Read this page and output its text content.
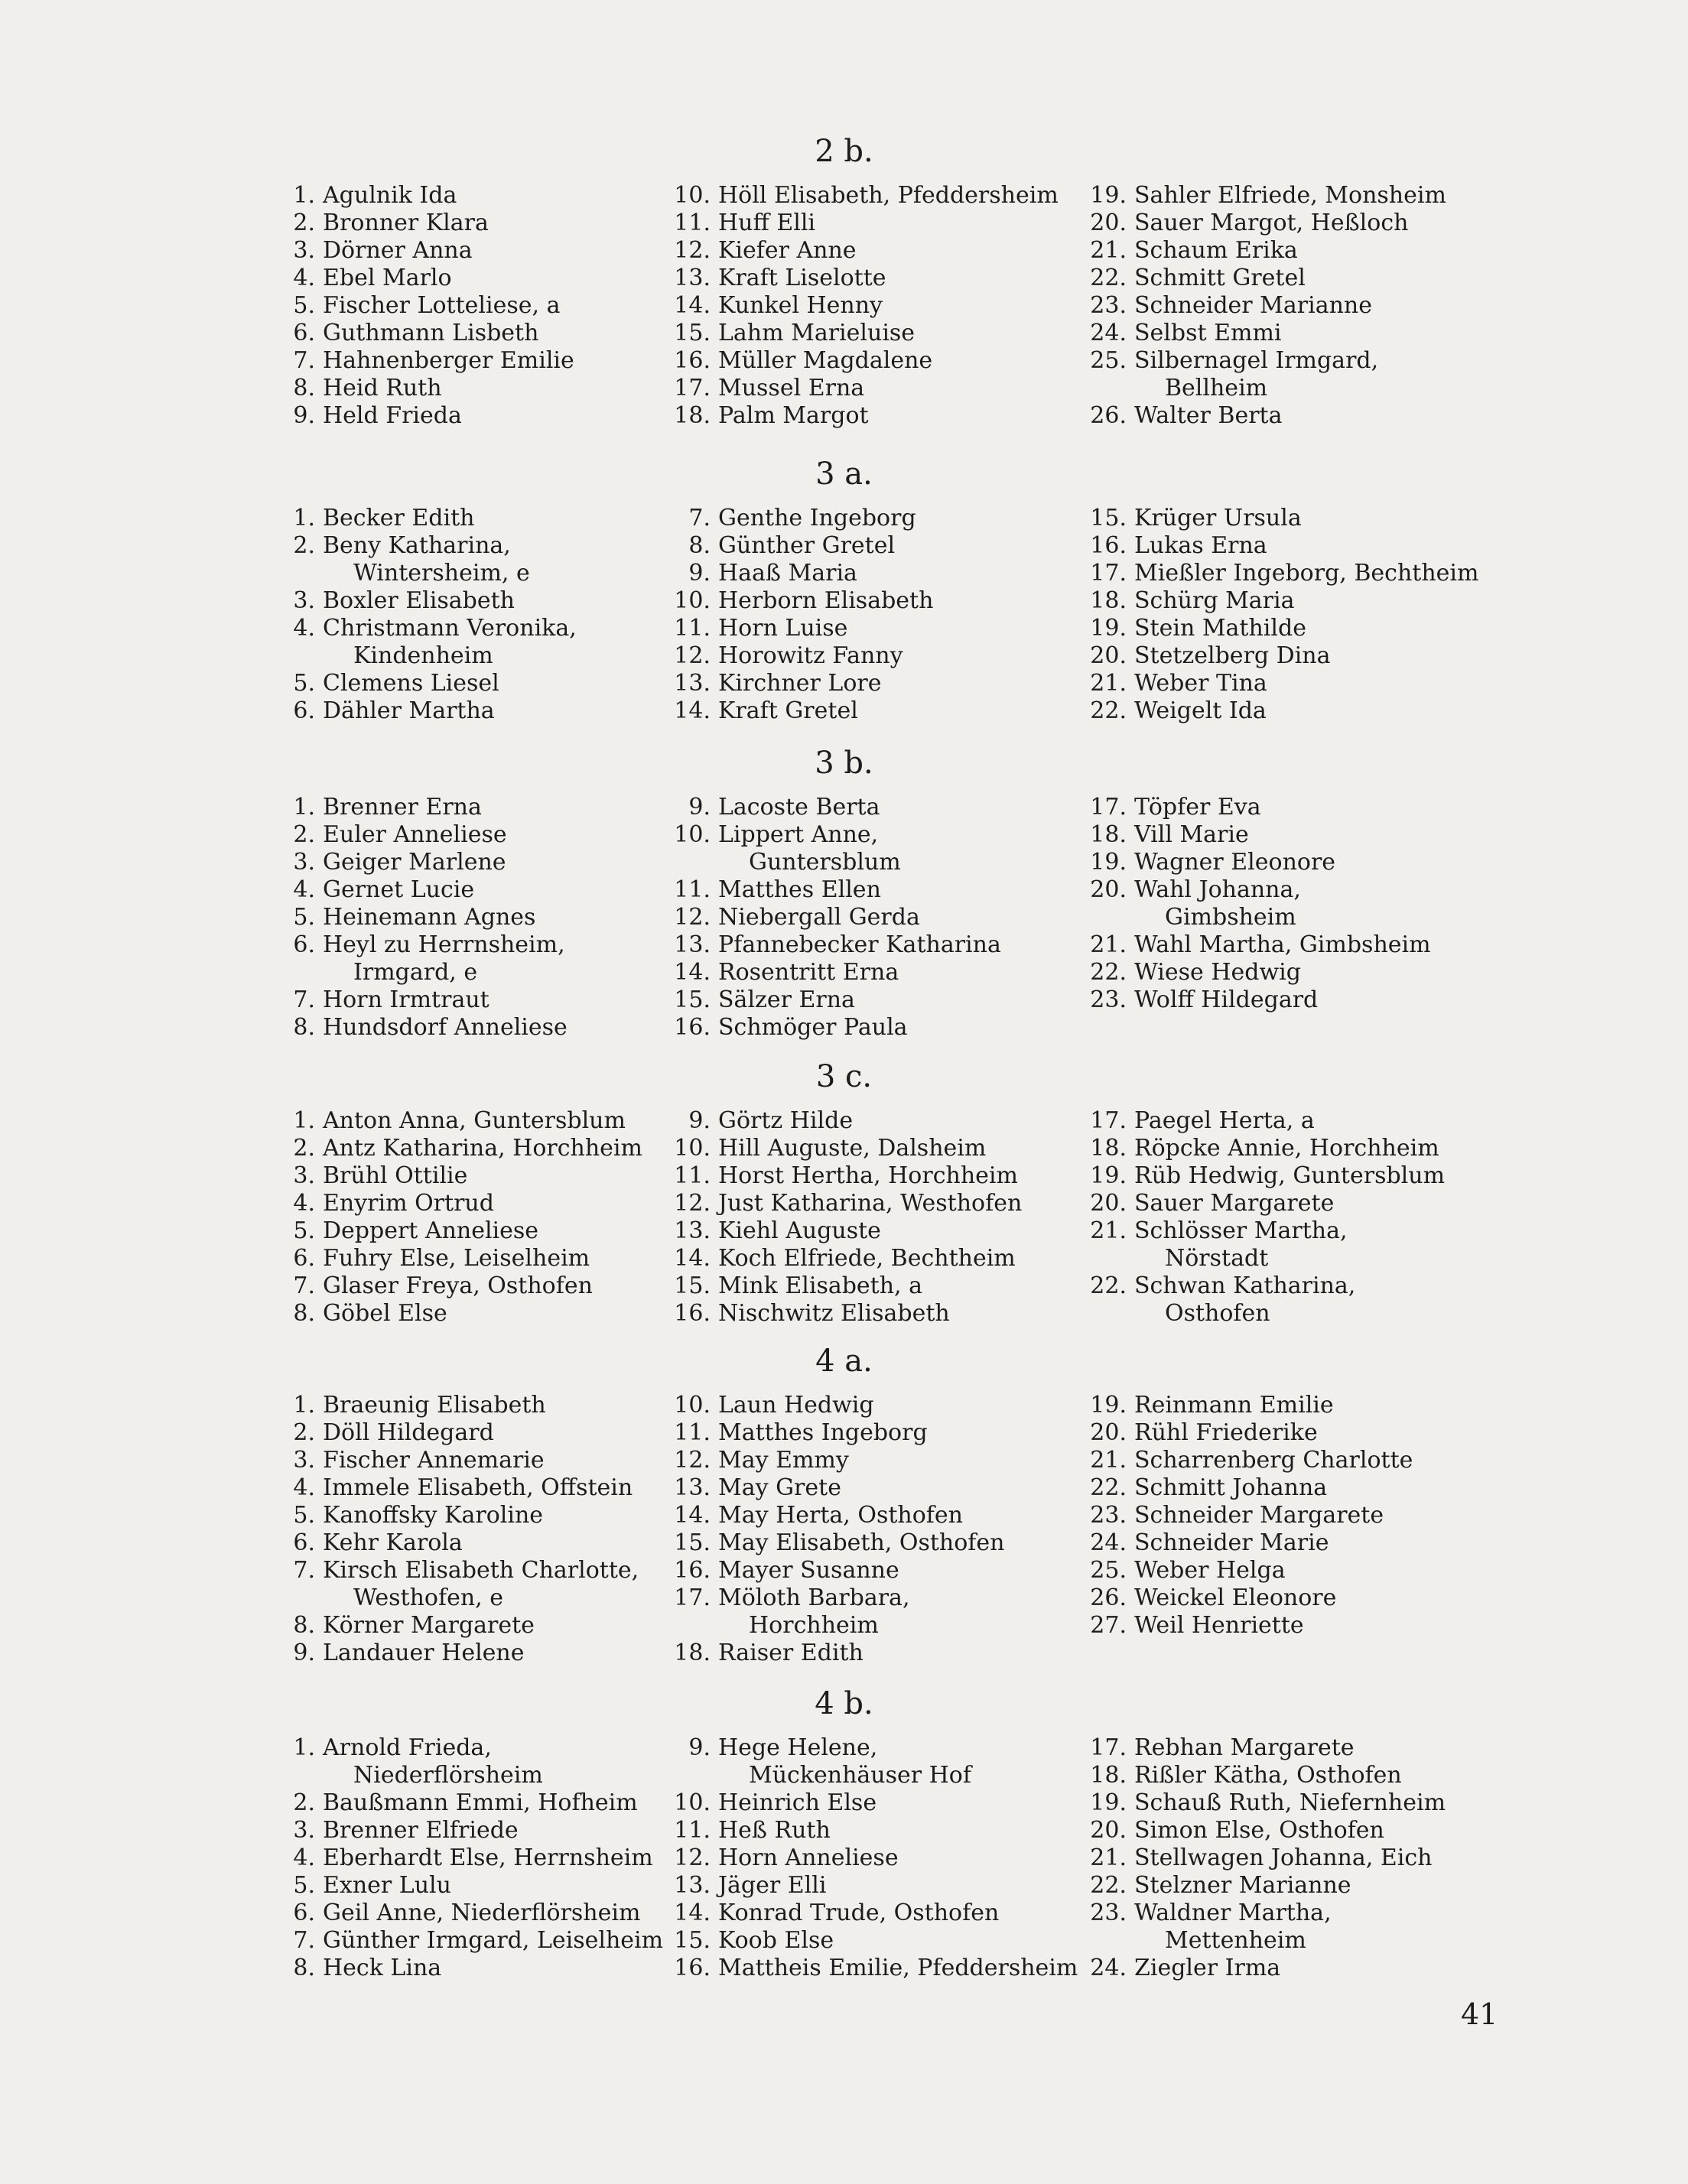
2 b.
1. Agulnik Ida
2. Bronner Klara
3. Dörner Anna
4. Ebel Marlo
5. Fischer Lotteliese, a
6. Guthmann Lisbeth
7. Hahnenberger Emilie
8. Heid Ruth
9. Held Frieda
10. Höll Elisabeth, Pfeddersheim
11. Huff Elli
12. Kiefer Anne
13. Kraft Liselotte
14. Kunkel Henny
15. Lahm Marieluise
16. Müller Magdalene
17. Mussel Erna
18. Palm Margot
19. Sahler Elfriede, Monsheim
20. Sauer Margot, Heßloch
21. Schaum Erika
22. Schmitt Gretel
23. Schneider Marianne
24. Selbst Emmi
25. Silbernagel Irmgard,
Bellheim
26. Walter Berta
3 a.
1. Becker Edith
2. Beny Katharina,
Wintersheim, e
3. Boxler Elisabeth
4. Christmann Veronika,
Kindenheim
5. Clemens Liesel
6. Dähler Martha
7. Genthe Ingeborg
8. Günther Gretel
9. Haaß Maria
10. Herborn Elisabeth
11. Horn Luise
12. Horowitz Fanny
13. Kirchner Lore
14. Kraft Gretel
15. Krüger Ursula
16. Lukas Erna
17. Mießler Ingeborg, Bechtheim
18. Schürg Maria
19. Stein Mathilde
20. Stetzelberg Dina
21. Weber Tina
22. Weigelt Ida
3 b.
1. Brenner Erna
2. Euler Anneliese
3. Geiger Marlene
4. Gernet Lucie
5. Heinemann Agnes
6. Heyl zu Herrnsheim,
Irmgard, e
7. Horn Irmtraut
8. Hundsdorf Anneliese
9. Lacoste Berta
10. Lippert Anne,
Guntersblum
11. Matthes Ellen
12. Niebergall Gerda
13. Pfannebecker Katharina
14. Rosentritt Erna
15. Sälzer Erna
16. Schmöger Paula
17. Töpfer Eva
18. Vill Marie
19. Wagner Eleonore
20. Wahl Johanna,
Gimbsheim
21. Wahl Martha, Gimbsheim
22. Wiese Hedwig
23. Wolff Hildegard
3 c.
1. Anton Anna, Guntersblum
2. Antz Katharina, Horchheim
3. Brühl Ottilie
4. Enyrim Ortrud
5. Deppert Anneliese
6. Fuhry Else, Leiselheim
7. Glaser Freya, Osthofen
8. Göbel Else
9. Görtz Hilde
10. Hill Auguste, Dalsheim
11. Horst Hertha, Horchheim
12. Just Katharina, Westhofen
13. Kiehl Auguste
14. Koch Elfriede, Bechtheim
15. Mink Elisabeth, a
16. Nischwitz Elisabeth
17. Paegel Herta, a
18. Röpcke Annie, Horchheim
19. Rüb Hedwig, Guntersblum
20. Sauer Margarete
21. Schlösser Martha,
Nörstadt
22. Schwan Katharina,
Osthofen
4 a.
1. Braeunig Elisabeth
2. Döll Hildegard
3. Fischer Annemarie
4. Immele Elisabeth, Offstein
5. Kanoffsky Karoline
6. Kehr Karola
7. Kirsch Elisabeth Charlotte,
Westhofen, e
8. Körner Margarete
9. Landauer Helene
10. Laun Hedwig
11. Matthes Ingeborg
12. May Emmy
13. May Grete
14. May Herta, Osthofen
15. May Elisabeth, Osthofen
16. Mayer Susanne
17. Möloth Barbara,
Horchheim
18. Raiser Edith
19. Reinmann Emilie
20. Rühl Friederike
21. Scharrenberg Charlotte
22. Schmitt Johanna
23. Schneider Margarete
24. Schneider Marie
25. Weber Helga
26. Weickel Eleonore
27. Weil Henriette
4 b.
1. Arnold Frieda,
Niederflörsheim
2. Baußmann Emmi, Hofheim
3. Brenner Elfriede
4. Eberhardt Else, Herrnsheim
5. Exner Lulu
6. Geil Anne, Niederflörsheim
7. Günther Irmgard, Leiselheim
8. Heck Lina
9. Hege Helene,
Mückenhäuser Hof
10. Heinrich Else
11. Heß Ruth
12. Horn Anneliese
13. Jäger Elli
14. Konrad Trude, Osthofen
15. Koob Else
16. Mattheis Emilie, Pfeddersheim
17. Rebhan Margarete
18. Rißler Kätha, Osthofen
19. Schauß Ruth, Niefernheim
20. Simon Else, Osthofen
21. Stellwagen Johanna, Eich
22. Stelzner Marianne
23. Waldner Martha,
Mettenheim
24. Ziegler Irma
41
